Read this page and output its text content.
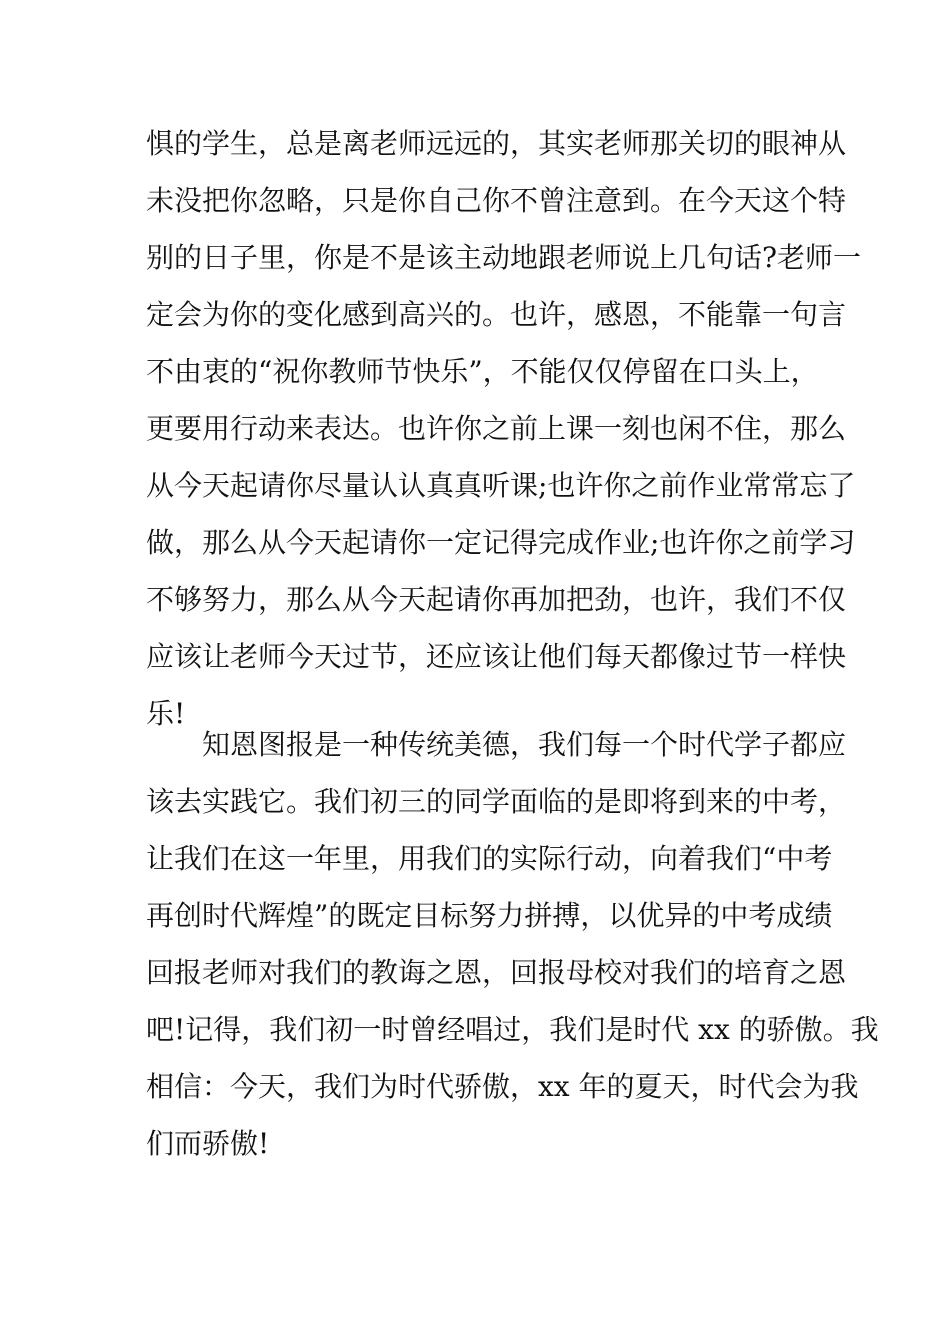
惧的学生，总是离老师远远的，其实老师那关切的眼神从
未没把你忽略，只是你自己你不曾注意到。在今天这个特
别的日子里，你是不是该主动地跟老师说上几句话?老师一
定会为你的变化感到高兴的。也许，感恩，不能靠一句言
不由衷的“祝你教师节快乐”，不能仅仅停留在口头上，
更要用行动来表达。也许你之前上课一刻也闲不住，那么
从今天起请你尽量认认真真听课;也许你之前作业常常忘了
做，那么从今天起请你一定记得完成作业;也许你之前学习
不够努力，那么从今天起请你再加把劲，也许，我们不仅
应该让老师今天过节，还应该让他们每天都像过节一样快
乐!
知恩图报是一种传统美德，我们每一个时代学子都应
该去实践它。我们初三的同学面临的是即将到来的中考，
让我们在这一年里，用我们的实际行动，向着我们“中考
再创时代辉煌”的既定目标努力拼搏，以优异的中考成绩
回报老师对我们的教诲之恩，回报母校对我们的培育之恩
吧!记得，我们初一时曾经唱过，我们是时代 xx 的骄傲。我
相信：今天，我们为时代骄傲，xx 年的夏天，时代会为我
们而骄傲!
